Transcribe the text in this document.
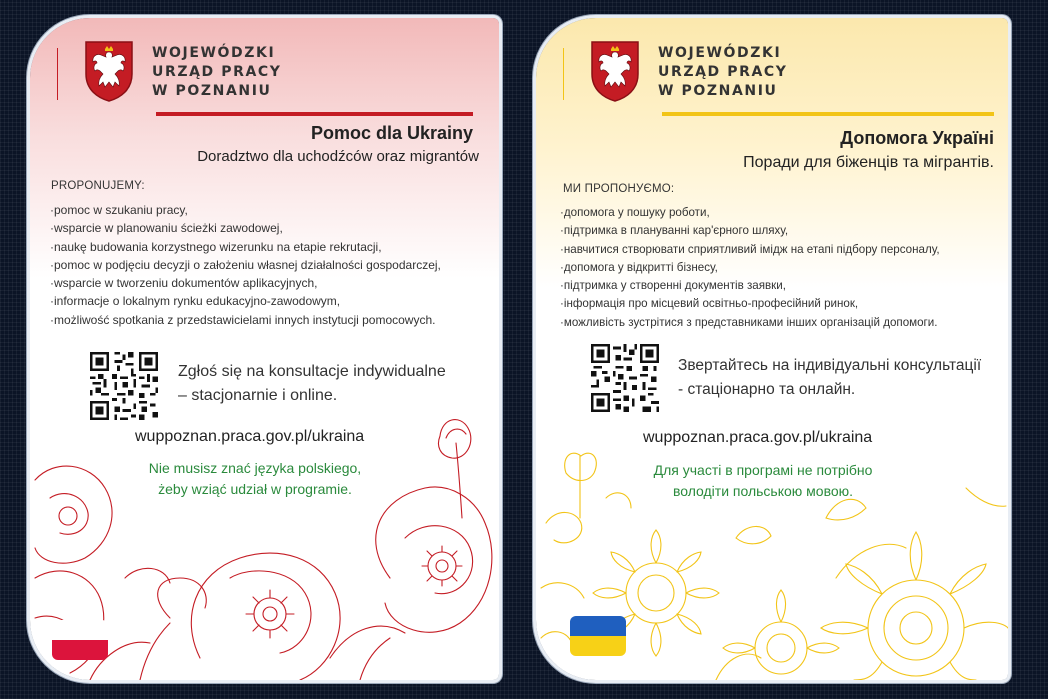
WOJEWÓDZKI
URZĄD PRACY
W POZNANIU

Pomoc dla Ukrainy

Doradztwo dla uchodźców oraz migrantów

PROPONUJEMY:

· pomoc w szukaniu pracy,
· wsparcie w planowaniu ścieżki zawodowej,
· naukę budowania korzystnego wizerunku na etapie rekrutacji,
· pomoc w podjęciu decyzji o założeniu własnej działalności gospodarczej,
· wsparcie w tworzeniu dokumentów aplikacyjnych,
· informacje o lokalnym rynku edukacyjno-zawodowym,
· możliwość spotkania z przedstawicielami innych instytucji pomocowych.

Zgłoś się na konsultacje indywidualne
– stacjonarnie i online.

wuppoznan.praca.gov.pl/ukraina

Nie musisz znać języka polskiego,
żeby wziąć udział w programie.

WOJEWÓDZKI
URZĄD PRACY
W POZNANIU

Допомога Україні

Поради для біженців та мігрантів.

МИ ПРОПОНУЄМО:

· допомога у пошуку роботи,
· підтримка в плануванні кар'єрного шляху,
· навчитися створювати сприятливий імідж на етапі підбору персоналу,
· допомога у відкритті бізнесу,
· підтримка у створенні документів заявки,
· інформація про місцевий освітньо-професійний ринок,
· можливість зустрітися з представниками інших організацій допомоги.

Звертайтесь на індивідуальні консультації
- стаціонарно та онлайн.

wuppoznan.praca.gov.pl/ukraina

Для участі в програмі не потрібно
володіти польською мовою.
